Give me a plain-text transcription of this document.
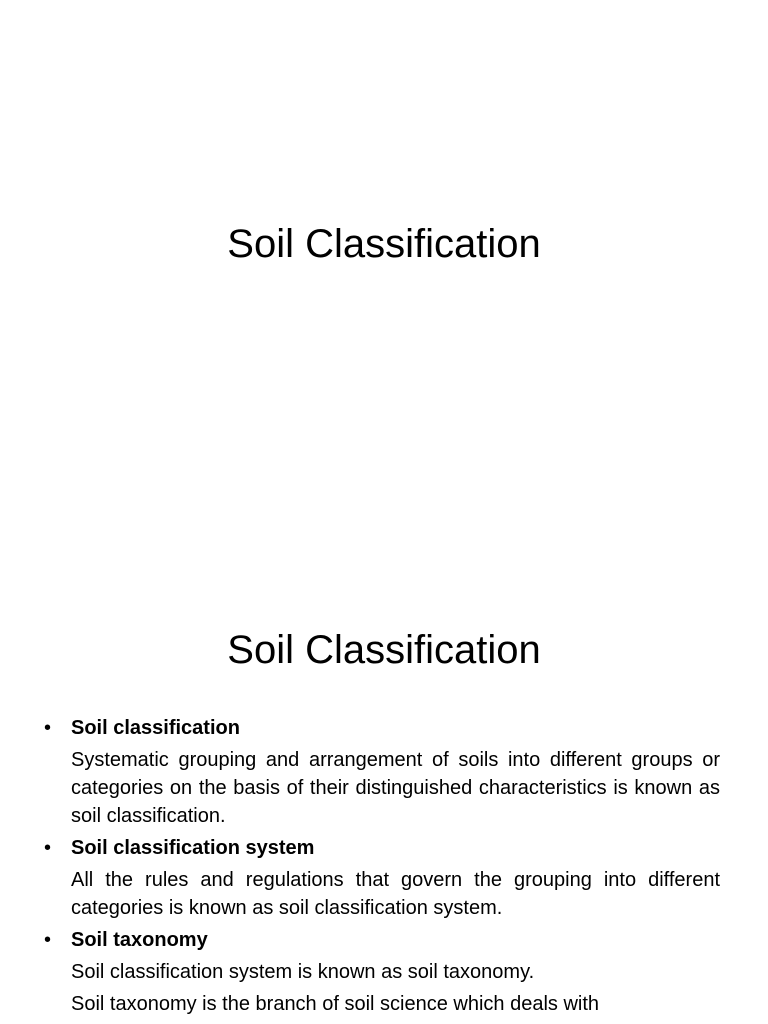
Soil Classification
Soil Classification
• Soil classification

Systematic grouping and arrangement of soils into different groups or categories on the basis of their distinguished characteristics is known as soil classification.

• Soil classification system

All the rules and regulations that govern the grouping into different categories is known as soil classification system.

• Soil taxonomy

Soil classification system is known as soil taxonomy.

Soil taxonomy is the branch of soil science which deals with
